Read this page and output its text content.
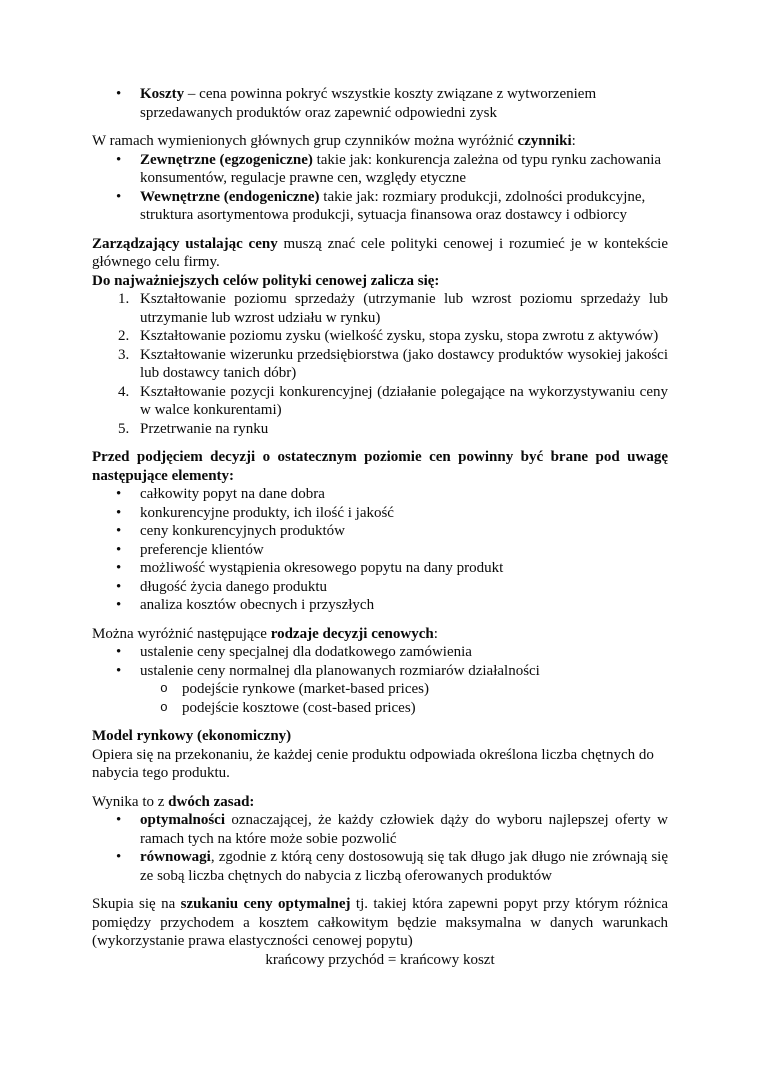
• Koszty – cena powinna pokryć wszystkie koszty związane z wytworzeniem sprzedawanych produktów oraz zapewnić odpowiedni zysk

W ramach wymienionych głównych grup czynników można wyróżnić czynniki:

• Zewnętrzne (egzogeniczne) takie jak: konkurencja zależna od typu rynku zachowania konsumentów, regulacje prawne cen, względy etyczne
• Wewnętrzne (endogeniczne) takie jak: rozmiary produkcji, zdolności produkcyjne, struktura asortymentowa produkcji, sytuacja finansowa oraz dostawcy i odbiorcy

Zarządzający ustalając ceny muszą znać cele polityki cenowej i rozumieć je w kontekście głównego celu firmy.

Do najważniejszych celów polityki cenowej zalicza się:

1. Kształtowanie poziomu sprzedaży (utrzymanie lub wzrost poziomu sprzedaży lub utrzymanie lub wzrost udziału w rynku)
2. Kształtowanie poziomu zysku (wielkość zysku, stopa zysku, stopa zwrotu z aktywów)
3. Kształtowanie wizerunku przedsiębiorstwa (jako dostawcy produktów wysokiej jakości lub dostawcy tanich dóbr)
4. Kształtowanie pozycji konkurencyjnej (działanie polegające na wykorzystywaniu ceny w walce konkurentami)
5. Przetrwanie na rynku

Przed podjęciem decyzji o ostatecznym poziomie cen powinny być brane pod uwagę następujące elementy:

• całkowity popyt na dane dobra
• konkurencyjne produkty, ich ilość i jakość
• ceny konkurencyjnych produktów
• preferencje klientów
• możliwość wystąpienia okresowego popytu na dany produkt
• długość życia danego produktu
• analiza kosztów obecnych i przyszłych

Można wyróżnić następujące rodzaje decyzji cenowych:

• ustalenie ceny specjalnej dla dodatkowego zamówienia
• ustalenie ceny normalnej dla planowanych rozmiarów działalności
o podejście rynkowe (market-based prices)
o podejście kosztowe (cost-based prices)

Model rynkowy (ekonomiczny)

Opiera się na przekonaniu, że każdej cenie produktu odpowiada określona liczba chętnych do nabycia tego produktu.

Wynika to z dwóch zasad:

• optymalności oznaczającej, że każdy człowiek dąży do wyboru najlepszej oferty w ramach tych na które może sobie pozwolić
• równowagi, zgodnie z którą ceny dostosowują się tak długo jak długo nie zrównają się ze sobą liczba chętnych do nabycia z liczbą oferowanych produktów

Skupia się na szukaniu ceny optymalnej tj. takiej która zapewni popyt przy którym różnica pomiędzy przychodem a kosztem całkowitym będzie maksymalna w danych warunkach (wykorzystanie prawa elastyczności cenowej popytu)

krańcowy przychód = krańcowy koszt
